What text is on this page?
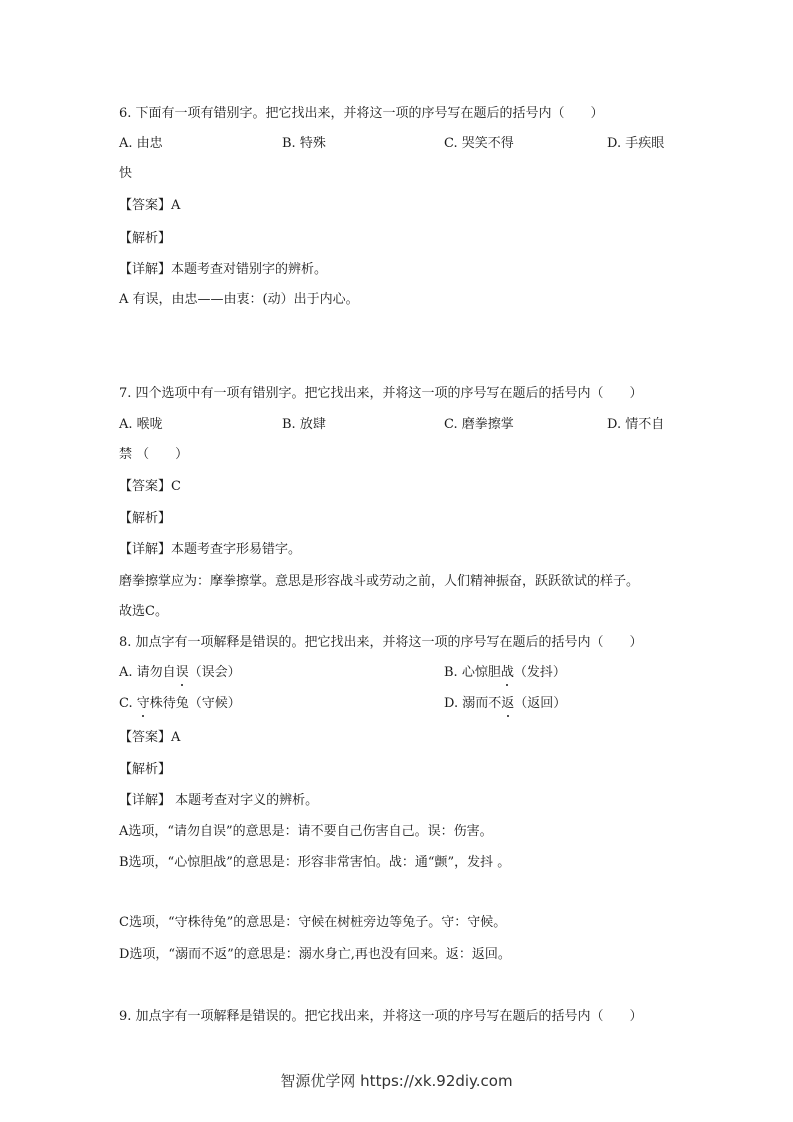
6. 下面有一项有错别字。把它找出来，并将这一项的序号写在题后的括号内（　　）
A. 由忠	B. 特殊	C. 哭笑不得	D. 手疾眼
快
【答案】A
【解析】
【详解】本题考查对错别字的辨析。
A 有误，由忠——由衷：(动）出于内心。
7. 四个选项中有一项有错别字。把它找出来，并将这一项的序号写在题后的括号内（　　）
A. 喉咙	B. 放肆	C. 磨拳擦掌	D. 情不自
禁 （　　）
【答案】C
【解析】
【详解】本题考查字形易错字。
磨拳擦掌应为：摩拳擦掌。意思是形容战斗或劳动之前，人们精神振奋，跃跃欲试的样子。
故选C。
8. 加点字有一项解释是错误的。把它找出来，并将这一项的序号写在题后的括号内（　　）
A. 请勿自误（误会）	B. 心惊胆战（发抖）
C. 守株待兔（守候）	D. 溺而不返（返回）
【答案】A
【解析】
【详解】 本题考查对字义的辨析。
A选项，“请勿自误”的意思是：请不要自己伤害自己。误：伤害。
B选项，“心惊胆战”的意思是：形容非常害怕。战：通“颤”，发抖 。
C选项，“守株待兔”的意思是：守候在树桩旁边等兔子。守：守候。
D选项，“溺而不返”的意思是：溺水身亡,再也没有回来。返：返回。
9. 加点字有一项解释是错误的。把它找出来，并将这一项的序号写在题后的括号内（　　）
智源优学网 https://xk.92diy.com
